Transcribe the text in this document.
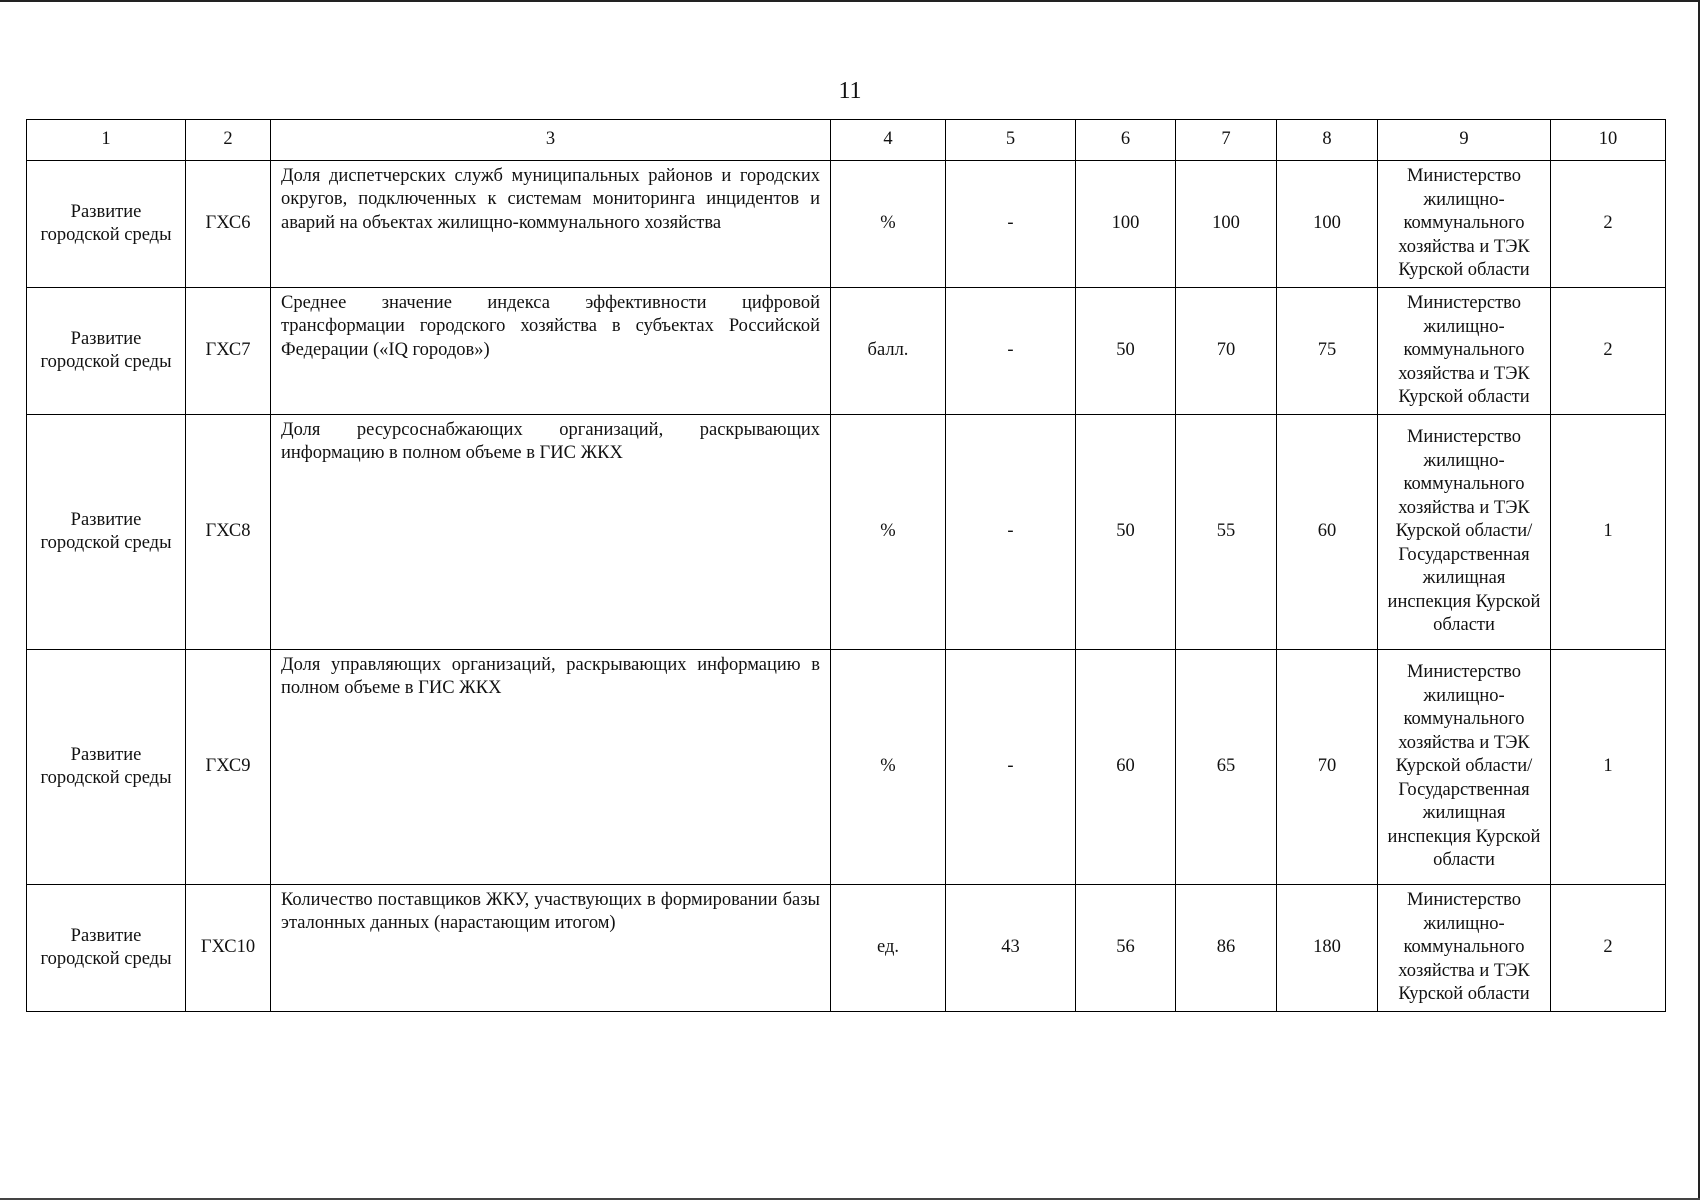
11
1	2	3	4	5	6	7	8	9	10
Развитие городской среды	ГХС6	Доля диспетчерских служб муниципальных районов и городских округов, подключенных к системам мониторинга инцидентов и аварий на объектах жилищно-коммунального хозяйства	%	-	100	100	100	Министерство жилищно-коммунального хозяйства и ТЭК Курской области	2
Развитие городской среды	ГХС7	Среднее значение индекса эффективности цифровой трансформации городского хозяйства в субъектах Российской Федерации («IQ городов»)	балл.	-	50	70	75	Министерство жилищно-коммунального хозяйства и ТЭК Курской области	2
Развитие городской среды	ГХС8	Доля ресурсоснабжающих организаций, раскрывающих информацию в полном объеме в ГИС ЖКХ	%	-	50	55	60	Министерство жилищно-коммунального хозяйства и ТЭК Курской области/ Государственная жилищная инспекция Курской области	1
Развитие городской среды	ГХС9	Доля управляющих организаций, раскрывающих информацию в полном объеме в ГИС ЖКХ	%	-	60	65	70	Министерство жилищно-коммунального хозяйства и ТЭК Курской области/ Государственная жилищная инспекция Курской области	1
Развитие городской среды	ГХС10	Количество поставщиков ЖКУ, участвующих в формировании базы эталонных данных (нарастающим итогом)	ед.	43	56	86	180	Министерство жилищно-коммунального хозяйства и ТЭК Курской области	2
